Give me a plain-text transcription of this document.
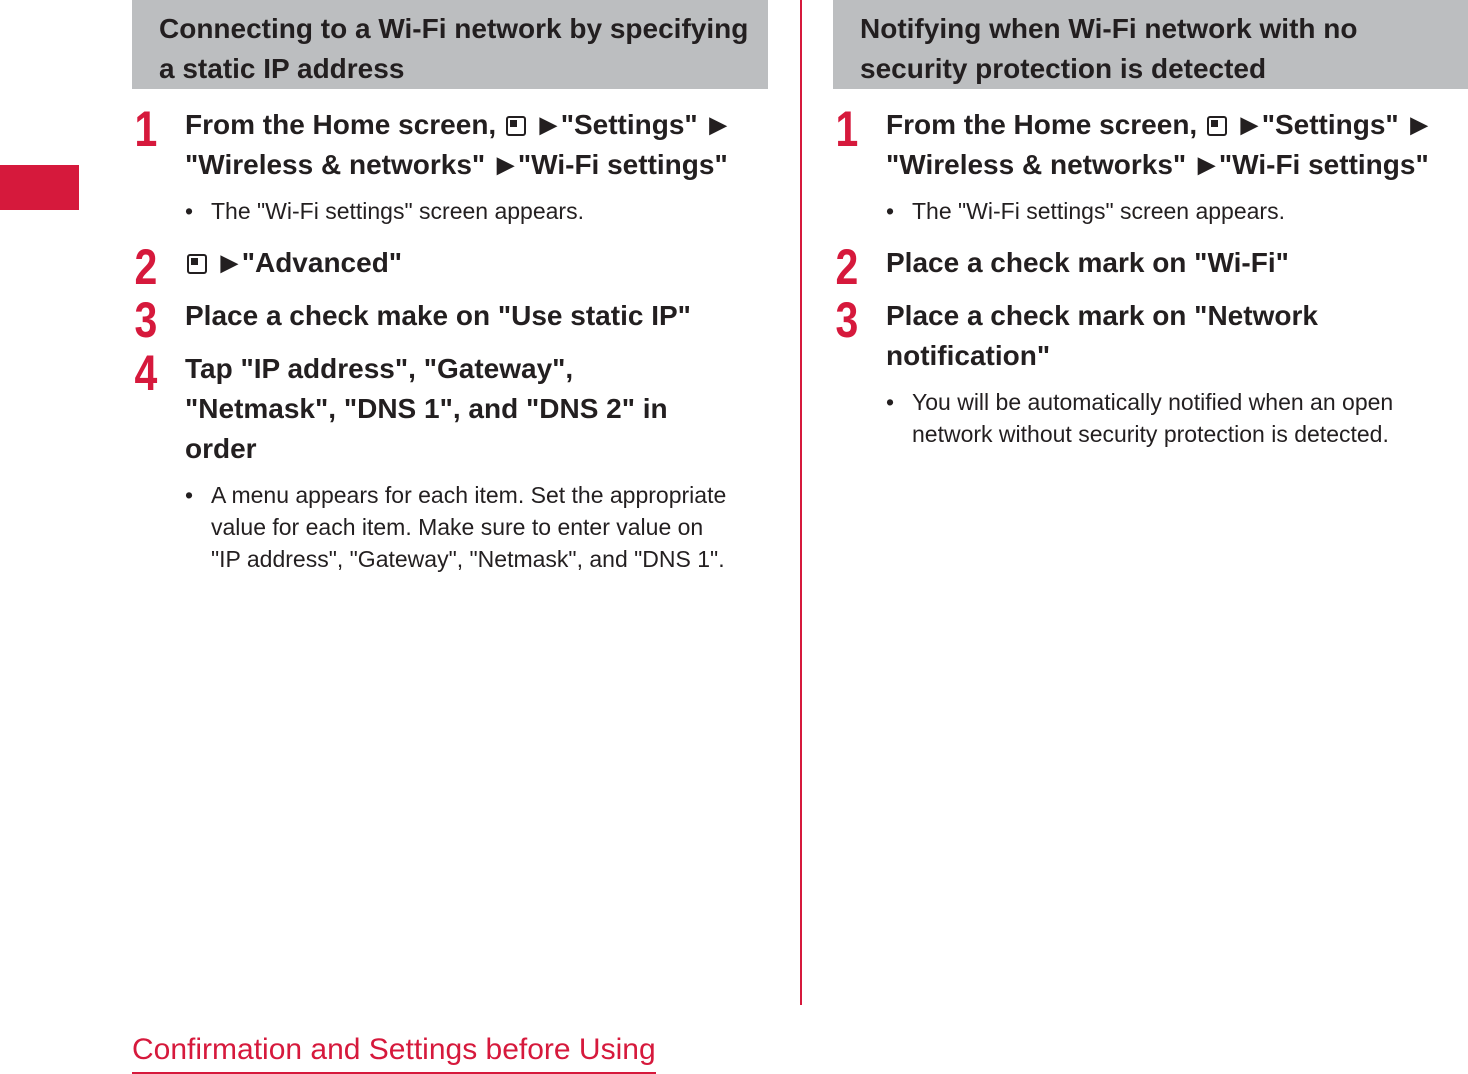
Connecting to a Wi-Fi network by specifying a static IP address
1 From the Home screen, ▶ "Settings" ▶"Wireless & networks" ▶ "Wi-Fi settings"
• The "Wi-Fi settings" screen appears.
2	▶ "Advanced"
3 Place a check make on "Use static IP"
4 Tap "IP address", "Gateway", "Netmask", "DNS 1", and "DNS 2" in order
• A menu appears for each item. Set the appropriate value for each item. Make sure to enter value on "IP address", "Gateway", "Netmask", and "DNS 1".
Notifying when Wi-Fi network with no security protection is detected
1 From the Home screen, ▶ "Settings" ▶"Wireless & networks" ▶ "Wi-Fi settings"
• The "Wi-Fi settings" screen appears.
2 Place a check mark on "Wi-Fi"
3 Place a check mark on "Network notification"
• You will be automatically notified when an open network without security protection is detected.
Confirmation and Settings before Using
